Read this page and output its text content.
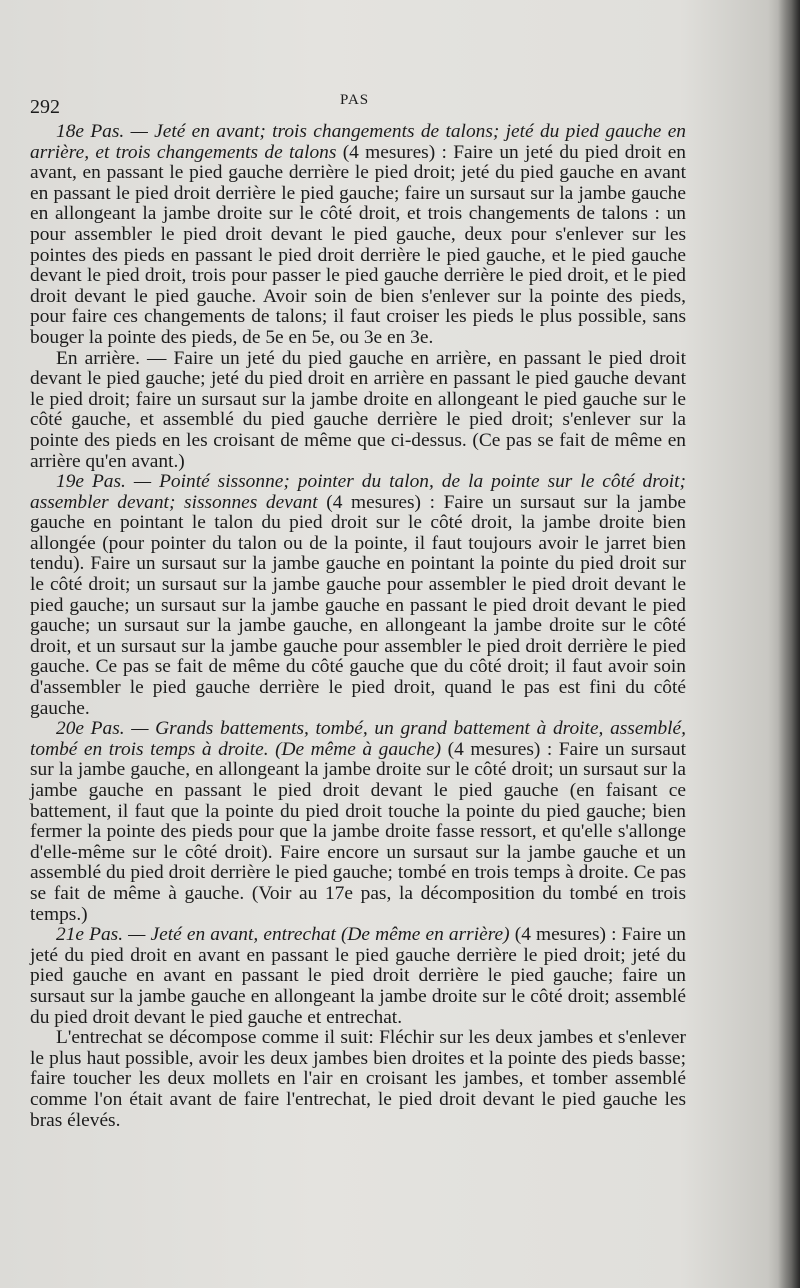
292	PAS

18e Pas. — Jeté en avant; trois changements de talons; jeté du pied gauche en arrière, et trois changements de talons (4 mesures) : Faire un jeté du pied droit en avant, en passant le pied gauche derrière le pied droit; jeté du pied gauche en avant en passant le pied droit derrière le pied gauche; faire un sursaut sur la jambe gauche en allongeant la jambe droite sur le côté droit, et trois changements de talons : un pour assembler le pied droit devant le pied gauche, deux pour s'enlever sur les pointes des pieds en passant le pied droit derrière le pied gauche, et le pied gauche devant le pied droit, trois pour passer le pied gauche derrière le pied droit, et le pied droit devant le pied gauche. Avoir soin de bien s'enlever sur la pointe des pieds, pour faire ces changements de talons; il faut croiser les pieds le plus possible, sans bouger la pointe des pieds, de 5e en 5e, ou 3e en 3e.

En arrière. — Faire un jeté du pied gauche en arrière, en passant le pied droit devant le pied gauche; jeté du pied droit en arrière en passant le pied gauche devant le pied droit; faire un sursaut sur la jambe droite en allongeant le pied gauche sur le côté gauche, et assemblé du pied gauche derrière le pied droit; s'enlever sur la pointe des pieds en les croisant de même que ci-dessus. (Ce pas se fait de même en arrière qu'en avant.)

19e Pas. — Pointé sissonne; pointer du talon, de la pointe sur le côté droit; assembler devant; sissonnes devant (4 mesures) : Faire un sursaut sur la jambe gauche en pointant le talon du pied droit sur le côté droit, la jambe droite bien allongée (pour pointer du talon ou de la pointe, il faut toujours avoir le jarret bien tendu). Faire un sursaut sur la jambe gauche en pointant la pointe du pied droit sur le côté droit; un sursaut sur la jambe gauche pour assembler le pied droit devant le pied gauche; un sursaut sur la jambe gauche en passant le pied droit devant le pied gauche; un sursaut sur la jambe gauche, en allongeant la jambe droite sur le côté droit, et un sursaut sur la jambe gauche pour assembler le pied droit derrière le pied gauche. Ce pas se fait de même du côté gauche que du côté droit; il faut avoir soin d'assembler le pied gauche derrière le pied droit, quand le pas est fini du côté gauche.

20e Pas. — Grands battements, tombé, un grand battement à droite, assemblé, tombé en trois temps à droite. (De même à gauche) (4 mesures) : Faire un sursaut sur la jambe gauche, en allongeant la jambe droite sur le côté droit; un sursaut sur la jambe gauche en passant le pied droit devant le pied gauche (en faisant ce battement, il faut que la pointe du pied droit touche la pointe du pied gauche; bien fermer la pointe des pieds pour que la jambe droite fasse ressort, et qu'elle s'allonge d'elle-même sur le côté droit). Faire encore un sursaut sur la jambe gauche et un assemblé du pied droit derrière le pied gauche; tombé en trois temps à droite. Ce pas se fait de même à gauche. (Voir au 17e pas, la décomposition du tombé en trois temps.)

21e Pas. — Jeté en avant, entrechat (De même en arrière) (4 mesures) : Faire un jeté du pied droit en avant en passant le pied gauche derrière le pied droit; jeté du pied gauche en avant en passant le pied droit derrière le pied gauche; faire un sursaut sur la jambe gauche en allongeant la jambe droite sur le côté droit; assemblé du pied droit devant le pied gauche et entrechat.

L'entrechat se décompose comme il suit: Fléchir sur les deux jambes et s'enlever le plus haut possible, avoir les deux jambes bien droites et la pointe des pieds basse; faire toucher les deux mollets en l'air en croisant les jambes, et tomber assemblé comme l'on était avant de faire l'entrechat, le pied droit devant le pied gauche les bras élevés.
